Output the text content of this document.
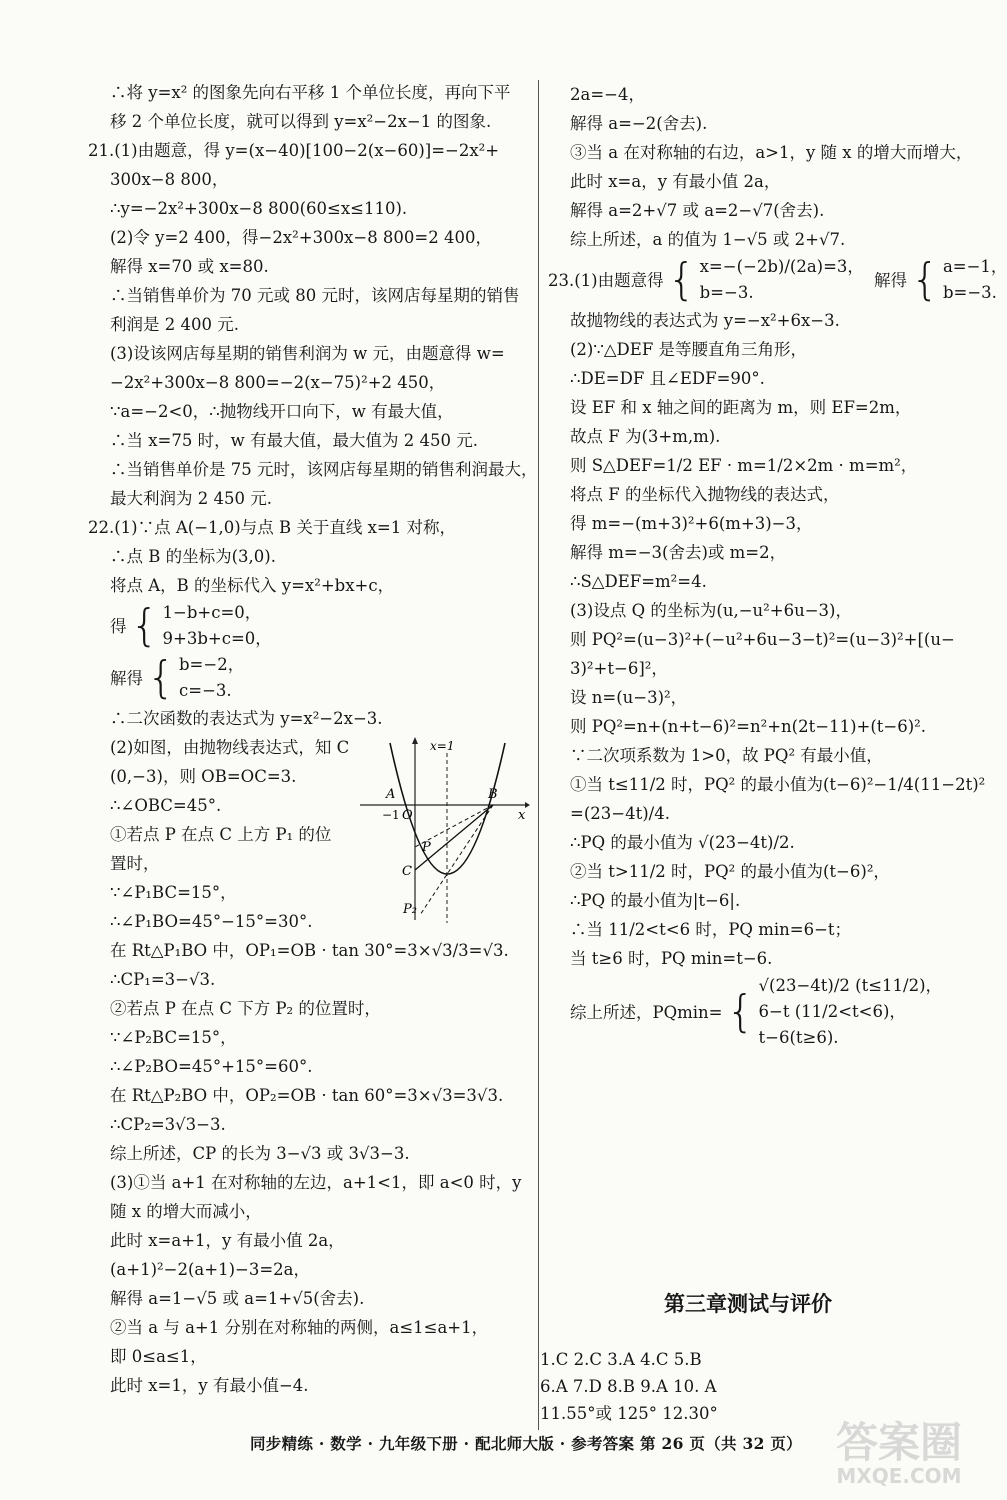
∴将 y=x² 的图象先向右平移 1 个单位长度，再向下平
移 2 个单位长度，就可以得到 y=x²−2x−1 的图象.
21.(1)由题意，得 y=(x−40)[100−2(x−60)]=−2x²+
300x−8 800，
∴y=−2x²+300x−8 800(60≤x≤110).
(2)令 y=2 400，得−2x²+300x−8 800=2 400，
解得 x=70 或 x=80.
∴当销售单价为 70 元或 80 元时，该网店每星期的销售
利润是 2 400 元.
(3)设该网店每星期的销售利润为 w 元，由题意得 w=
−2x²+300x−8 800=−2(x−75)²+2 450，
∵a=−2<0，∴抛物线开口向下，w 有最大值，
∴当 x=75 时，w 有最大值，最大值为 2 450 元.
∴当销售单价是 75 元时，该网店每星期的销售利润最大，
最大利润为 2 450 元.
22.(1)∵点 A(−1,0)与点 B 关于直线 x=1 对称，
∴点 B 的坐标为(3,0).
将点 A，B 的坐标代入 y=x²+bx+c，
得 { 1−b+c=0，
9+3b+c=0，
解得 { b=−2，
c=−3.
∴二次函数的表达式为 y=x²−2x−3.
(2)如图，由抛物线表达式，知 C
(0,−3)，则 OB=OC=3.
∴∠OBC=45°.
①若点 P 在点 C 上方 P₁ 的位
置时，
∵∠P₁BC=15°，
∴∠P₁BO=45°−15°=30°.
在 Rt△P₁BO 中，OP₁=OB · tan 30°=3×√3/3=√3.
∴CP₁=3−√3.
②若点 P 在点 C 下方 P₂ 的位置时，
∵∠P₂BC=15°，
∴∠P₂BO=45°+15°=60°.
在 Rt△P₂BO 中，OP₂=OB · tan 60°=3×√3=3√3.
∴CP₂=3√3−3.
综上所述，CP 的长为 3−√3 或 3√3−3.
(3)①当 a+1 在对称轴的左边，a+1<1，即 a<0 时，y
随 x 的增大而减小，
此时 x=a+1，y 有最小值 2a，
(a+1)²−2(a+1)−3=2a，
解得 a=1−√5 或 a=1+√5(舍去).
②当 a 与 a+1 分别在对称轴的两侧，a≤1≤a+1，
即 0≤a≤1，
此时 x=1，y 有最小值−4.
2a=−4，
解得 a=−2(舍去).
③当 a 在对称轴的右边，a>1，y 随 x 的增大而增大，
此时 x=a，y 有最小值 2a，
解得 a=2+√7 或 a=2−√7(舍去).
综上所述，a 的值为 1−√5 或 2+√7.
23.(1)由题意得 { x=−(−2b)/(2a)=3，
b=−3.
解得 { a=−1，
b=−3.
故抛物线的表达式为 y=−x²+6x−3.
(2)∵△DEF 是等腰直角三角形，
∴DE=DF 且∠EDF=90°.
设 EF 和 x 轴之间的距离为 m，则 EF=2m，
故点 F 为(3+m,m).
则 S△DEF=1/2 EF · m=1/2×2m · m=m²，
将点 F 的坐标代入抛物线的表达式，
得 m=−(m+3)²+6(m+3)−3，
解得 m=−3(舍去)或 m=2，
∴S△DEF=m²=4.
(3)设点 Q 的坐标为(u,−u²+6u−3)，
则 PQ²=(u−3)²+(−u²+6u−3−t)²=(u−3)²+[(u−
3)²+t−6]²，
设 n=(u−3)²，
则 PQ²=n+(n+t−6)²=n²+n(2t−11)+(t−6)².
∵二次项系数为 1>0，故 PQ² 有最小值，
①当 t≤11/2 时，PQ² 的最小值为(t−6)²−1/4(11−2t)²
=(23−4t)/4.
∴PQ 的最小值为 √(23−4t)/2.
②当 t>11/2 时，PQ² 的最小值为(t−6)²，
∴PQ 的最小值为|t−6|.
∴当 11/2<t<6 时，PQ min=6−t；
当 t≥6 时，PQ min=t−6.
综上所述，PQmin= {
√(23−4t)/2 (t≤11/2)，
6−t (11/2<t<6)，
t−6(t≥6).
A
−1 O
B
x
x=1
P
C
P₂
第三章测试与评价
1.C 2.C 3.A 4.C 5.B
6.A 7.D 8.B 9.A 10. A
11.55°或 125° 12.30°
同步精练 · 数学 · 九年级下册 · 配北师大版 · 参考答案 第 26 页（共 32 页） 答案圈
MXQE.COM
